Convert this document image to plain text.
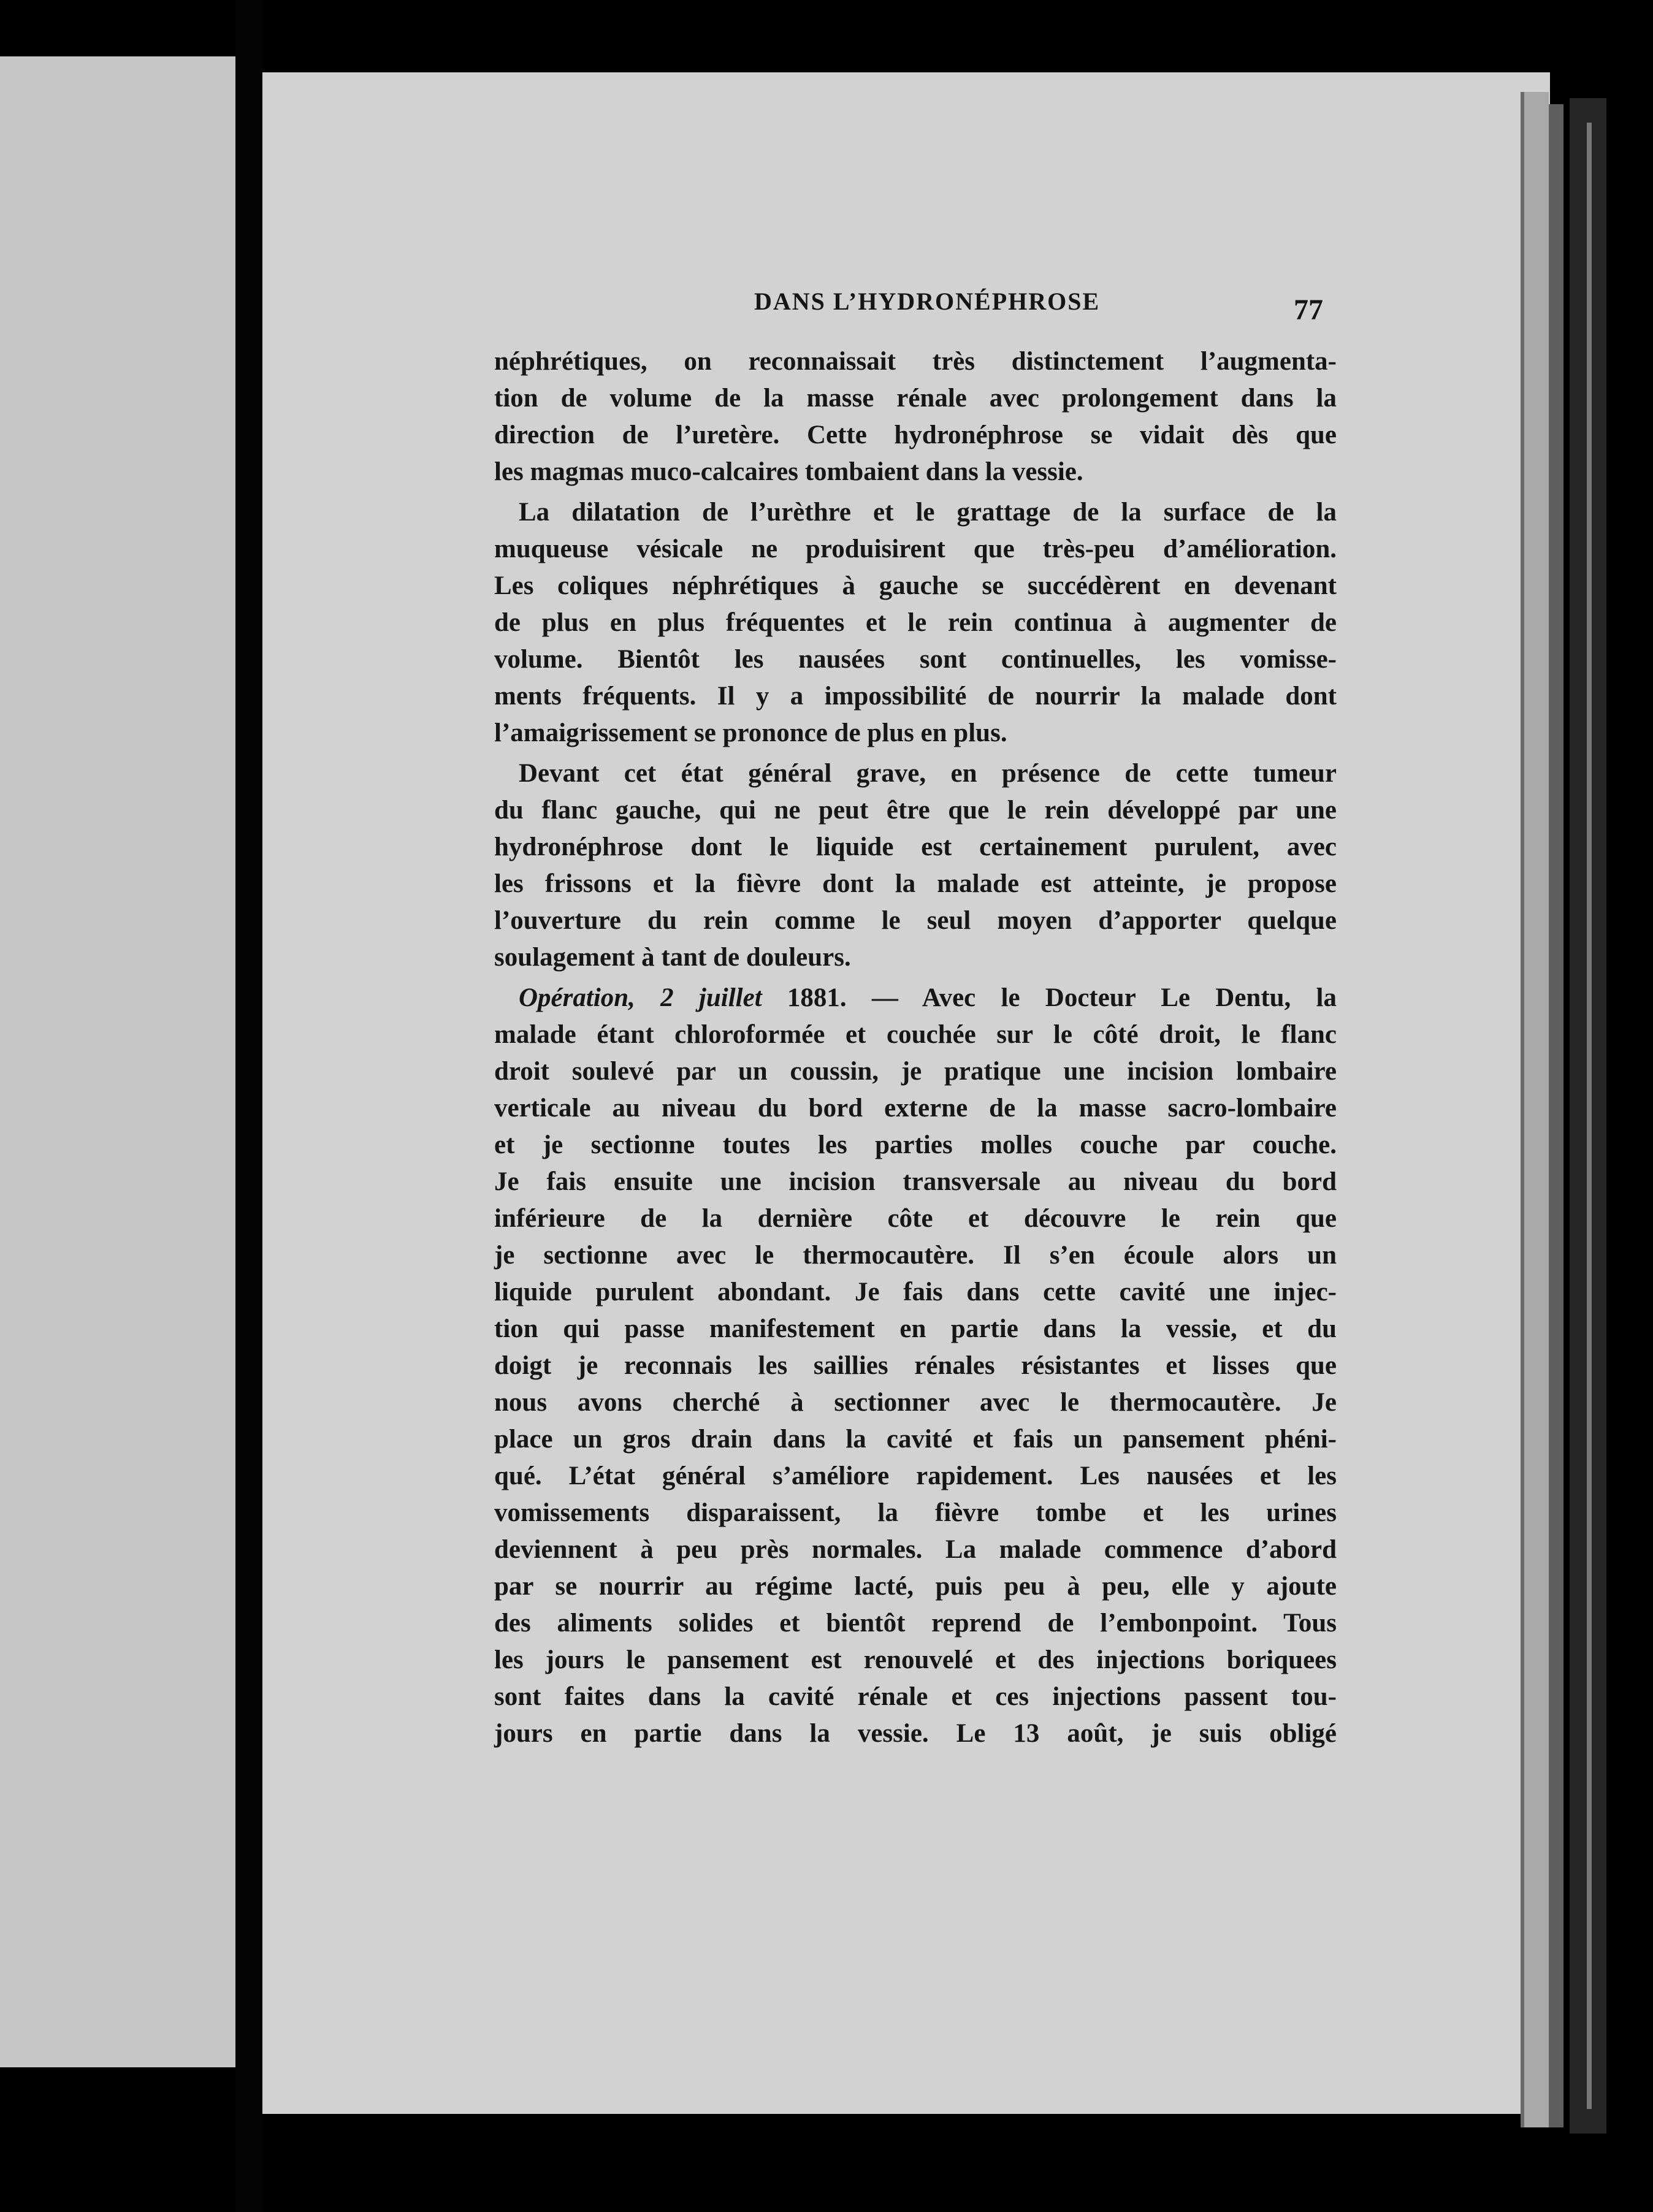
DANS L’HYDRONÉPHROSE	77
néphrétiques, on reconnaissait très distinctement l’augmenta-
tion de volume de la masse rénale avec prolongement dans la
direction de l’uretère. Cette hydronéphrose se vidait dès que
les magmas muco-calcaires tombaient dans la vessie.
La dilatation de l’urèthre et le grattage de la surface de la
muqueuse vésicale ne produisirent que très-peu d’amélioration.
Les coliques néphrétiques à gauche se succédèrent en devenant
de plus en plus fréquentes et le rein continua à augmenter de
volume. Bientôt les nausées sont continuelles, les vomisse-
ments fréquents. Il y a impossibilité de nourrir la malade dont
l’amaigrissement se prononce de plus en plus.
Devant cet état général grave, en présence de cette tumeur
du flanc gauche, qui ne peut être que le rein développé par une
hydronéphrose dont le liquide est certainement purulent, avec
les frissons et la fièvre dont la malade est atteinte, je propose
l’ouverture du rein comme le seul moyen d’apporter quelque
soulagement à tant de douleurs.
Opération, 2 juillet 1881. — Avec le Docteur Le Dentu, la
malade étant chloroformée et couchée sur le côté droit, le flanc
droit soulevé par un coussin, je pratique une incision lombaire
verticale au niveau du bord externe de la masse sacro-lombaire
et je sectionne toutes les parties molles couche par couche.
Je fais ensuite une incision transversale au niveau du bord
inférieure de la dernière côte et découvre le rein que
je sectionne avec le thermocautère. Il s’en écoule alors un
liquide purulent abondant. Je fais dans cette cavité une injec-
tion qui passe manifestement en partie dans la vessie, et du
doigt je reconnais les saillies rénales résistantes et lisses que
nous avons cherché à sectionner avec le thermocautère. Je
place un gros drain dans la cavité et fais un pansement phéni-
qué. L’état général s’améliore rapidement. Les nausées et les
vomissements disparaissent, la fièvre tombe et les urines
deviennent à peu près normales. La malade commence d’abord
par se nourrir au régime lacté, puis peu à peu, elle y ajoute
des aliments solides et bientôt reprend de l’embonpoint. Tous
les jours le pansement est renouvelé et des injections boriquees
sont faites dans la cavité rénale et ces injections passent tou-
jours en partie dans la vessie. Le 13 août, je suis obligé
